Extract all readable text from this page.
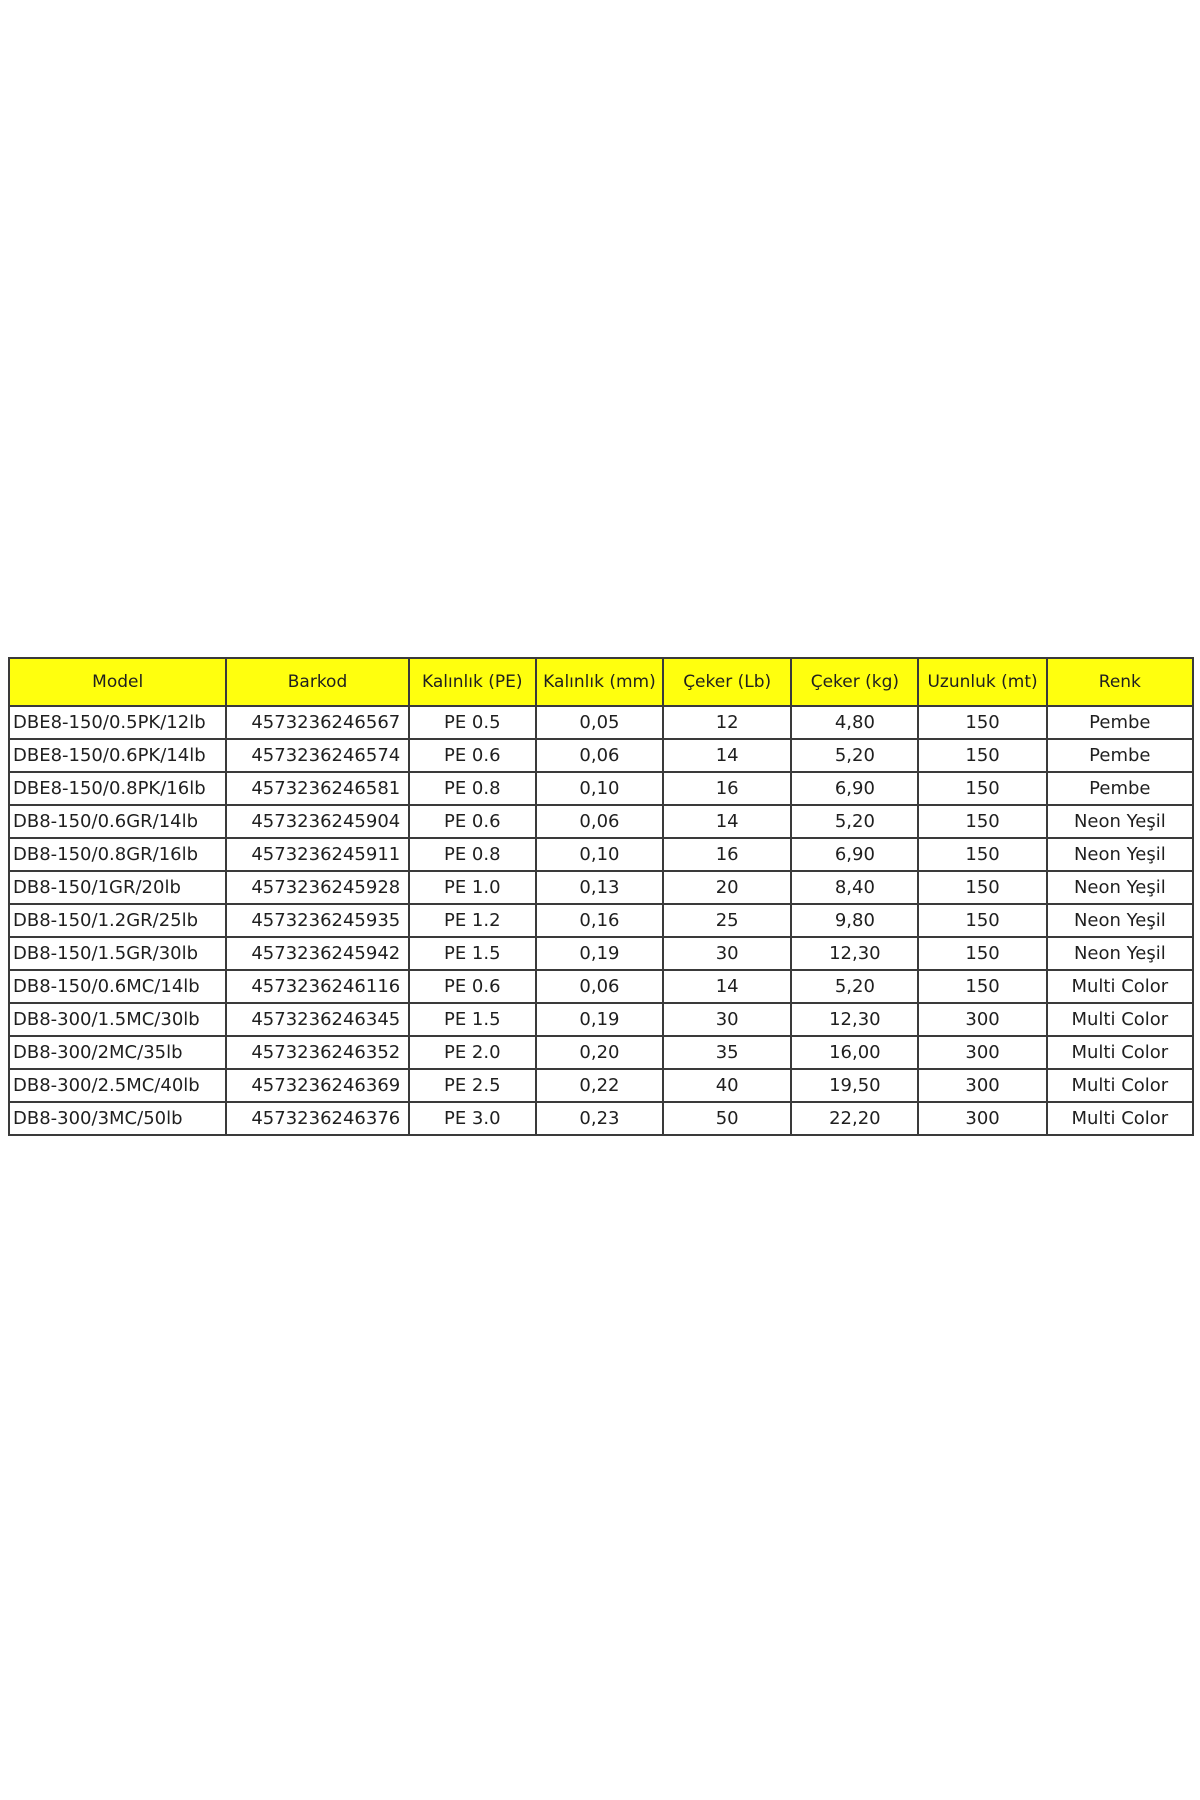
Model	Barkod	Kalınlık (PE)	Kalınlık (mm)	Çeker (Lb)	Çeker (kg)	Uzunluk (mt)	Renk
DBE8-150/0.5PK/12lb	4573236246567	PE 0.5	0,05	12	4,80	150	Pembe
DBE8-150/0.6PK/14lb	4573236246574	PE 0.6	0,06	14	5,20	150	Pembe
DBE8-150/0.8PK/16lb	4573236246581	PE 0.8	0,10	16	6,90	150	Pembe
DB8-150/0.6GR/14lb	4573236245904	PE 0.6	0,06	14	5,20	150	Neon Yeşil
DB8-150/0.8GR/16lb	4573236245911	PE 0.8	0,10	16	6,90	150	Neon Yeşil
DB8-150/1GR/20lb	4573236245928	PE 1.0	0,13	20	8,40	150	Neon Yeşil
DB8-150/1.2GR/25lb	4573236245935	PE 1.2	0,16	25	9,80	150	Neon Yeşil
DB8-150/1.5GR/30lb	4573236245942	PE 1.5	0,19	30	12,30	150	Neon Yeşil
DB8-150/0.6MC/14lb	4573236246116	PE 0.6	0,06	14	5,20	150	Multi Color
DB8-300/1.5MC/30lb	4573236246345	PE 1.5	0,19	30	12,30	300	Multi Color
DB8-300/2MC/35lb	4573236246352	PE 2.0	0,20	35	16,00	300	Multi Color
DB8-300/2.5MC/40lb	4573236246369	PE 2.5	0,22	40	19,50	300	Multi Color
DB8-300/3MC/50lb	4573236246376	PE 3.0	0,23	50	22,20	300	Multi Color
